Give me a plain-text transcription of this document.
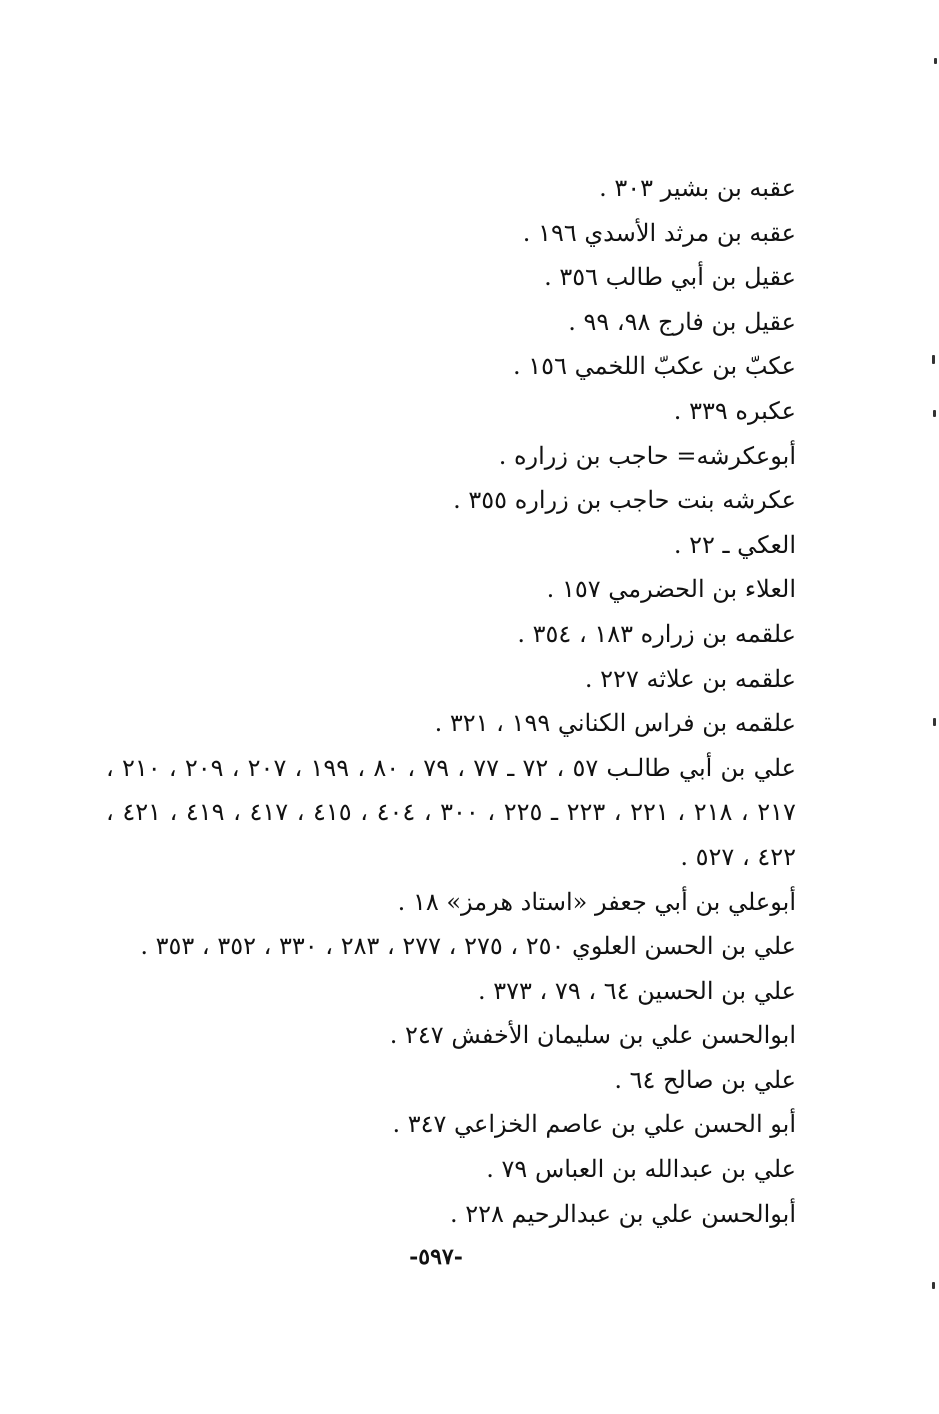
عقبه بن بشير ٣٠٣ .
عقبه بن مرثد الأسدي ١٩٦ .
عقيل بن أبي طالب ٣٥٦ .
عقيل بن فارج ٩٨، ٩٩ .
عكبّ بن عكبّ اللخمي ١٥٦ .
عكبره ٣٣٩ .
أبوعكرشه= حاجب بن زراره .
عكرشه بنت حاجب بن زراره ٣٥٥ .
العكي ـ ٢٢ .
العلاء بن الحضرمي ١٥٧ .
علقمه بن زراره ١٨٣ ، ٣٥٤ .
علقمه بن علاثه ٢٢٧ .
علقمه بن فراس الكناني ١٩٩ ، ٣٢١ .
علي بن أبي طالـب ٥٧ ، ٧٢ ـ ٧٧ ، ٧٩ ، ٨٠ ، ١٩٩ ، ٢٠٧ ، ٢٠٩ ، ٢١٠ ، ٢١٧ ، ٢١٨ ، ٢٢١ ، ٢٢٣ ـ ٢٢٥ ، ٣٠٠ ، ٤٠٤ ، ٤١٥ ، ٤١٧ ، ٤١٩ ، ٤٢١ ، ٤٢٢ ، ٥٢٧ .
أبوعلي بن أبي جعفر «استاد هرمز» ١٨ .
علي بن الحسن العلوي ٢٥٠ ، ٢٧٥ ، ٢٧٧ ، ٢٨٣ ، ٣٣٠ ، ٣٥٢ ، ٣٥٣ .
علي بن الحسين ٦٤ ، ٧٩ ، ٣٧٣ .
ابوالحسن علي بن سليمان الأخفش ٢٤٧ .
علي بن صالح ٦٤ .
أبو الحسن علي بن عاصم الخزاعي ٣٤٧ .
علي بن عبدالله بن العباس ٧٩ .
أبوالحسن علي بن عبدالرحيم ٢٢٨ .
-٥٩٧-
